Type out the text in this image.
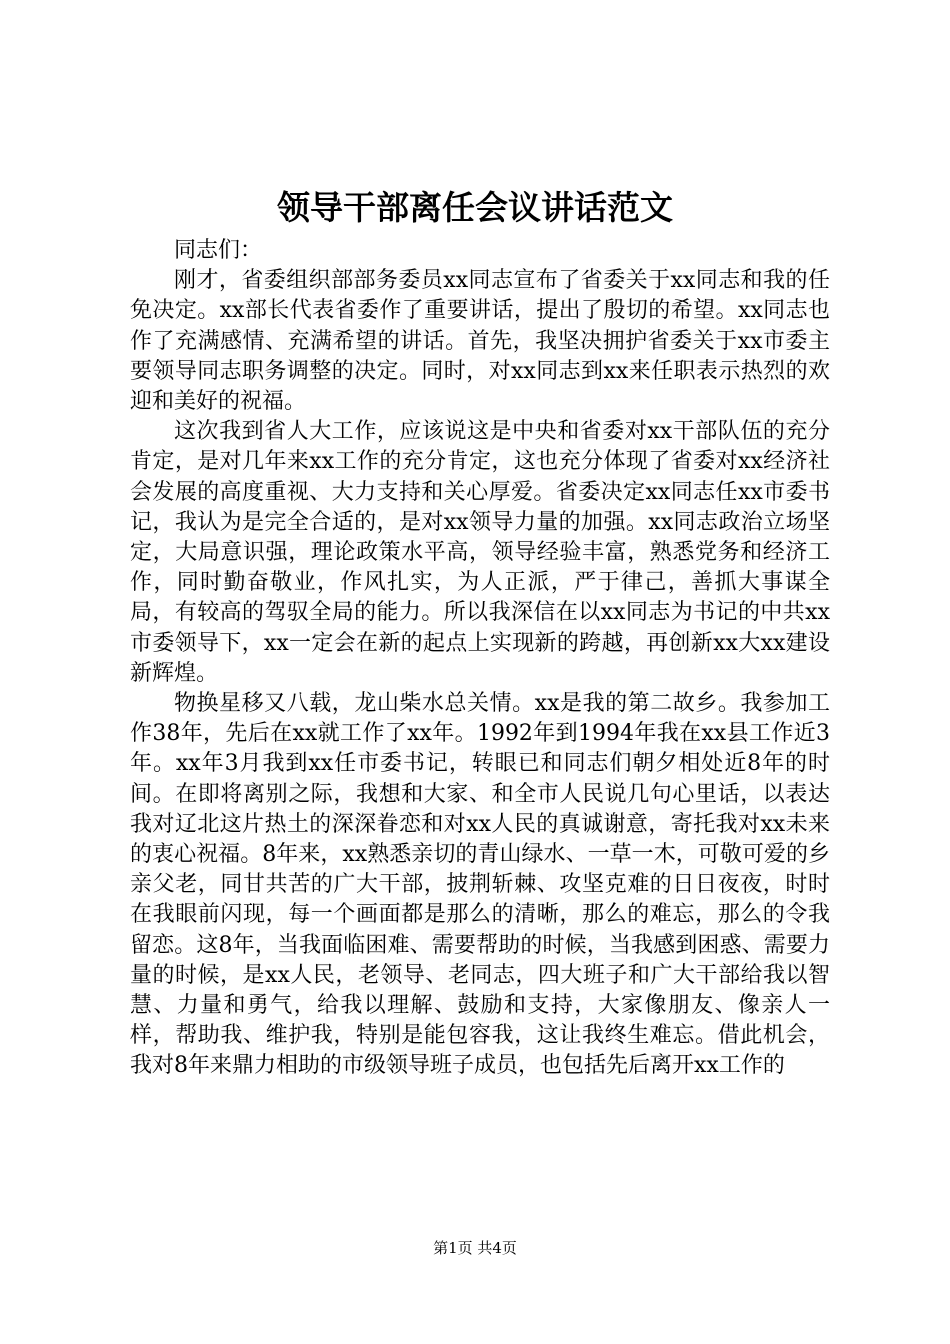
领导干部离任会议讲话范文

同志们：

刚才，省委组织部部务委员xx同志宣布了省委关于xx同志和我的任免决定。xx部长代表省委作了重要讲话，提出了殷切的希望。xx同志也作了充满感情、充满希望的讲话。首先，我坚决拥护省委关于xx市委主要领导同志职务调整的决定。同时，对xx同志到xx来任职表示热烈的欢迎和美好的祝福。

这次我到省人大工作，应该说这是中央和省委对xx干部队伍的充分肯定，是对几年来xx工作的充分肯定，这也充分体现了省委对xx经济社会发展的高度重视、大力支持和关心厚爱。省委决定xx同志任xx市委书记，我认为是完全合适的，是对xx领导力量的加强。xx同志政治立场坚定，大局意识强，理论政策水平高，领导经验丰富，熟悉党务和经济工作，同时勤奋敬业，作风扎实，为人正派，严于律己，善抓大事谋全局，有较高的驾驭全局的能力。所以我深信在以xx同志为书记的中共xx市委领导下，xx一定会在新的起点上实现新的跨越，再创新xx大xx建设新辉煌。

物换星移又八载，龙山柴水总关情。xx是我的第二故乡。我参加工作38年，先后在xx就工作了xx年。1992年到1994年我在xx县工作近3年。xx年3月我到xx任市委书记，转眼已和同志们朝夕相处近8年的时间。在即将离别之际，我想和大家、和全市人民说几句心里话，以表达我对辽北这片热土的深深眷恋和对xx人民的真诚谢意，寄托我对xx未来的衷心祝福。8年来，xx熟悉亲切的青山绿水、一草一木，可敬可爱的乡亲父老，同甘共苦的广大干部，披荆斩棘、攻坚克难的日日夜夜，时时在我眼前闪现，每一个画面都是那么的清晰，那么的难忘，那么的令我留恋。这8年，当我面临困难、需要帮助的时候，当我感到困惑、需要力量的时候，是xx人民，老领导、老同志，四大班子和广大干部给我以智慧、力量和勇气，给我以理解、鼓励和支持，大家像朋友、像亲人一样，帮助我、维护我，特别是能包容我，这让我终生难忘。借此机会，我对8年来鼎力相助的市级领导班子成员，也包括先后离开xx工作的

第1页 共4页
